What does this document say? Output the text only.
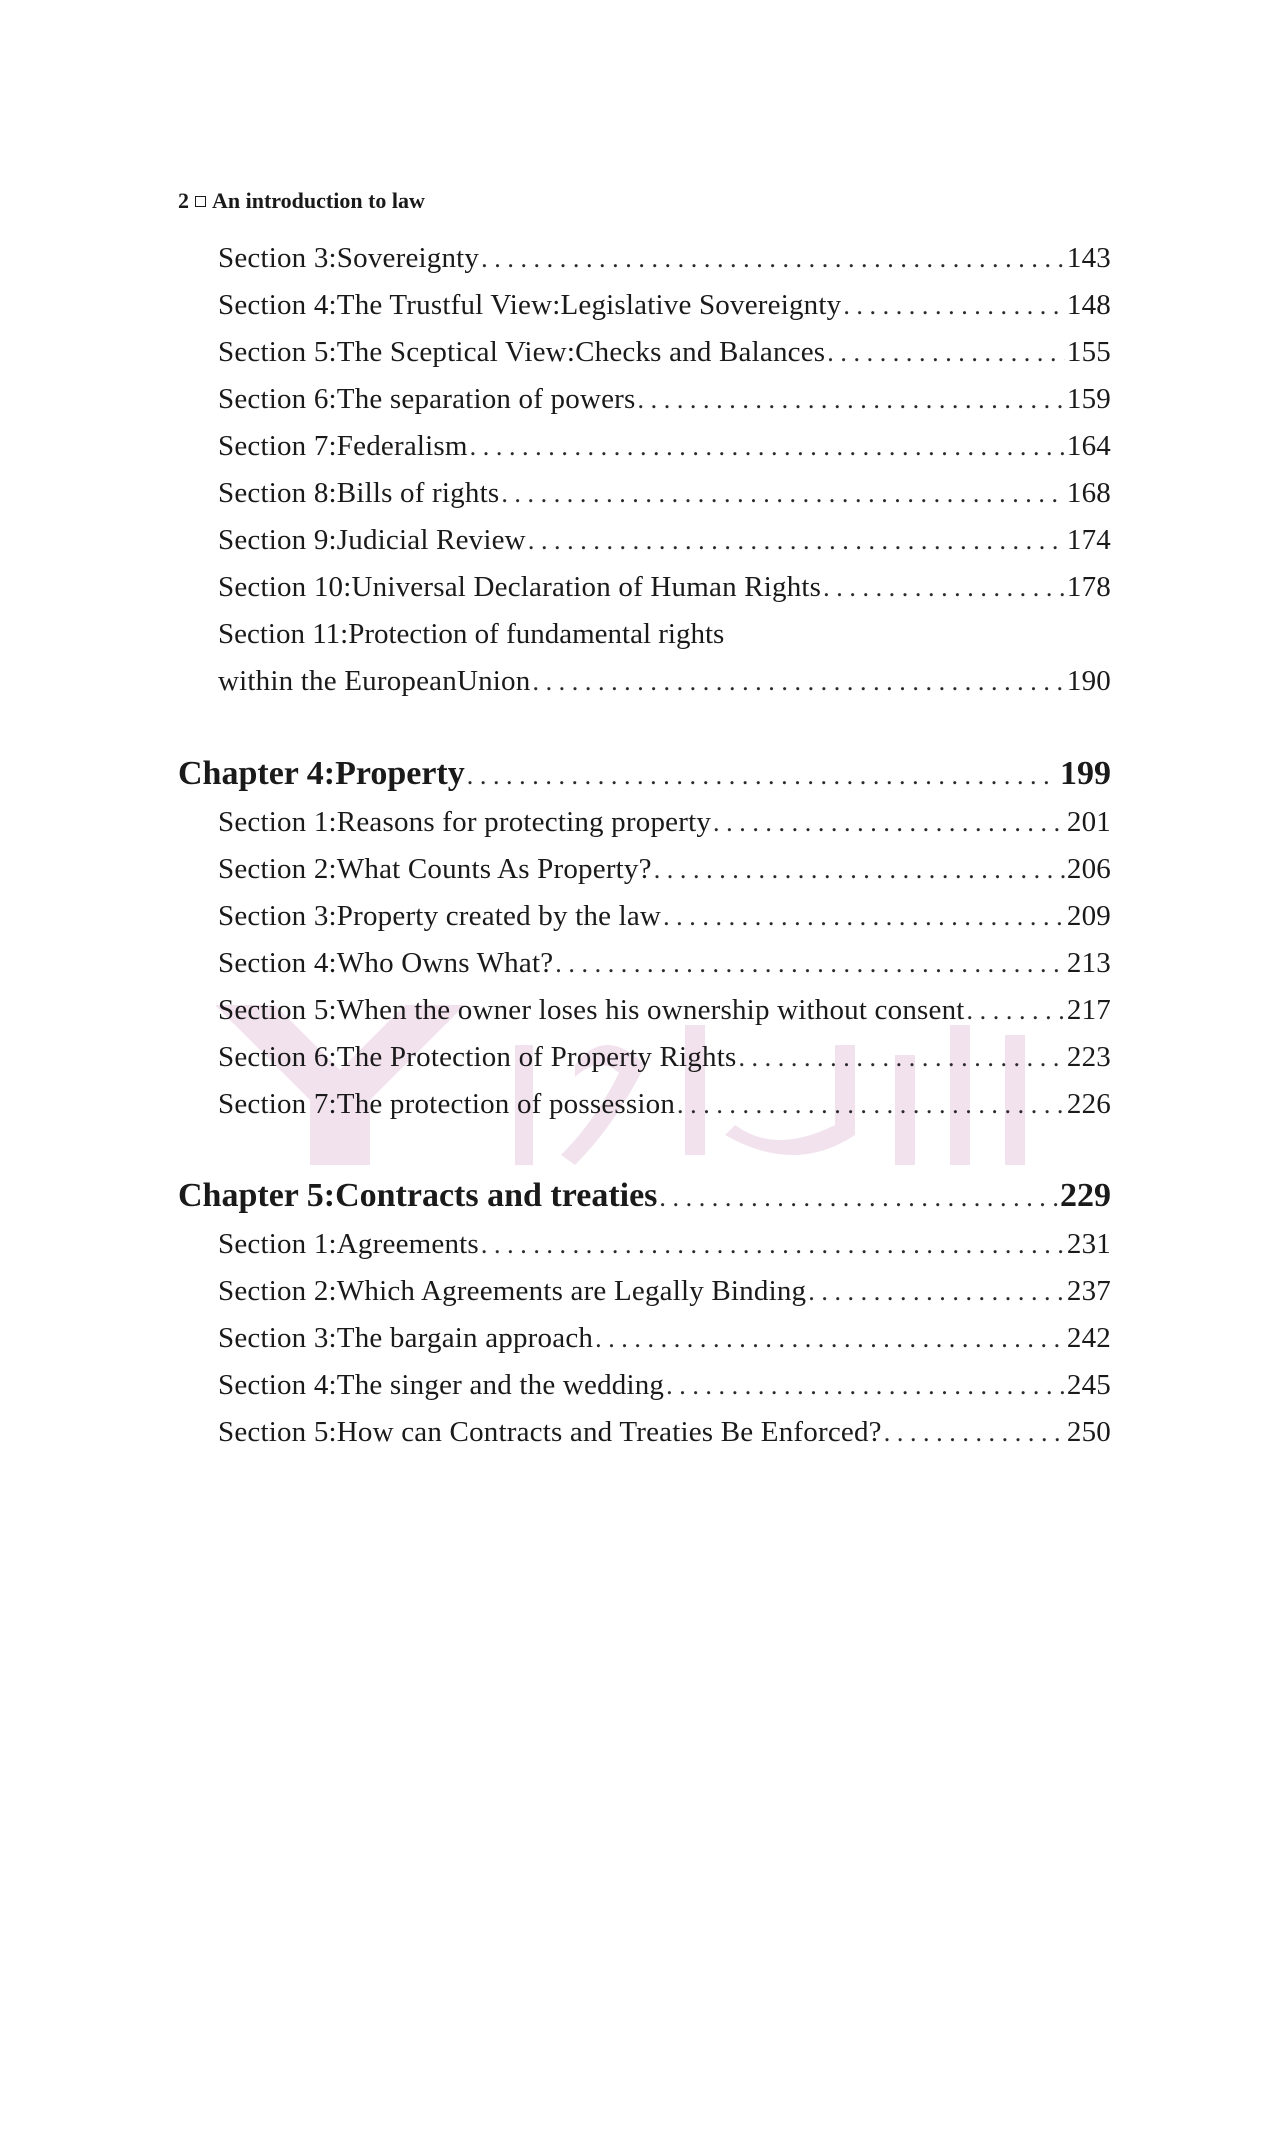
2 An introduction to law
Section 3:Sovereignty .....	143
Section 4:The Trustful View:Legislative Sovereignty .....	148
Section 5:The Sceptical View:Checks and Balances .....	155
Section 6:The separation of powers .....	159
Section 7:Federalism .....	164
Section 8:Bills of rights .....	168
Section 9:Judicial Review .....	174
Section 10:Universal Declaration of Human Rights .....	178
Section 11:Protection of fundamental rights
within the EuropeanUnion .....	190
Chapter 4:Property .....	199
Section 1:Reasons for protecting property .....	201
Section 2:What Counts As Property? .....	206
Section 3:Property created by the law .....	209
Section 4:Who Owns What? .....	213
Section 5:When the owner loses his ownership without consent .....	217
Section 6:The Protection of Property Rights .....	223
Section 7:The protection of possession .....	226
Chapter 5:Contracts and treaties .....	229
Section 1:Agreements .....	231
Section 2:Which Agreements are Legally Binding .....	237
Section 3:The bargain approach .....	242
Section 4:The singer and the wedding .....	245
Section 5:How can Contracts and Treaties Be Enforced? .....	250
